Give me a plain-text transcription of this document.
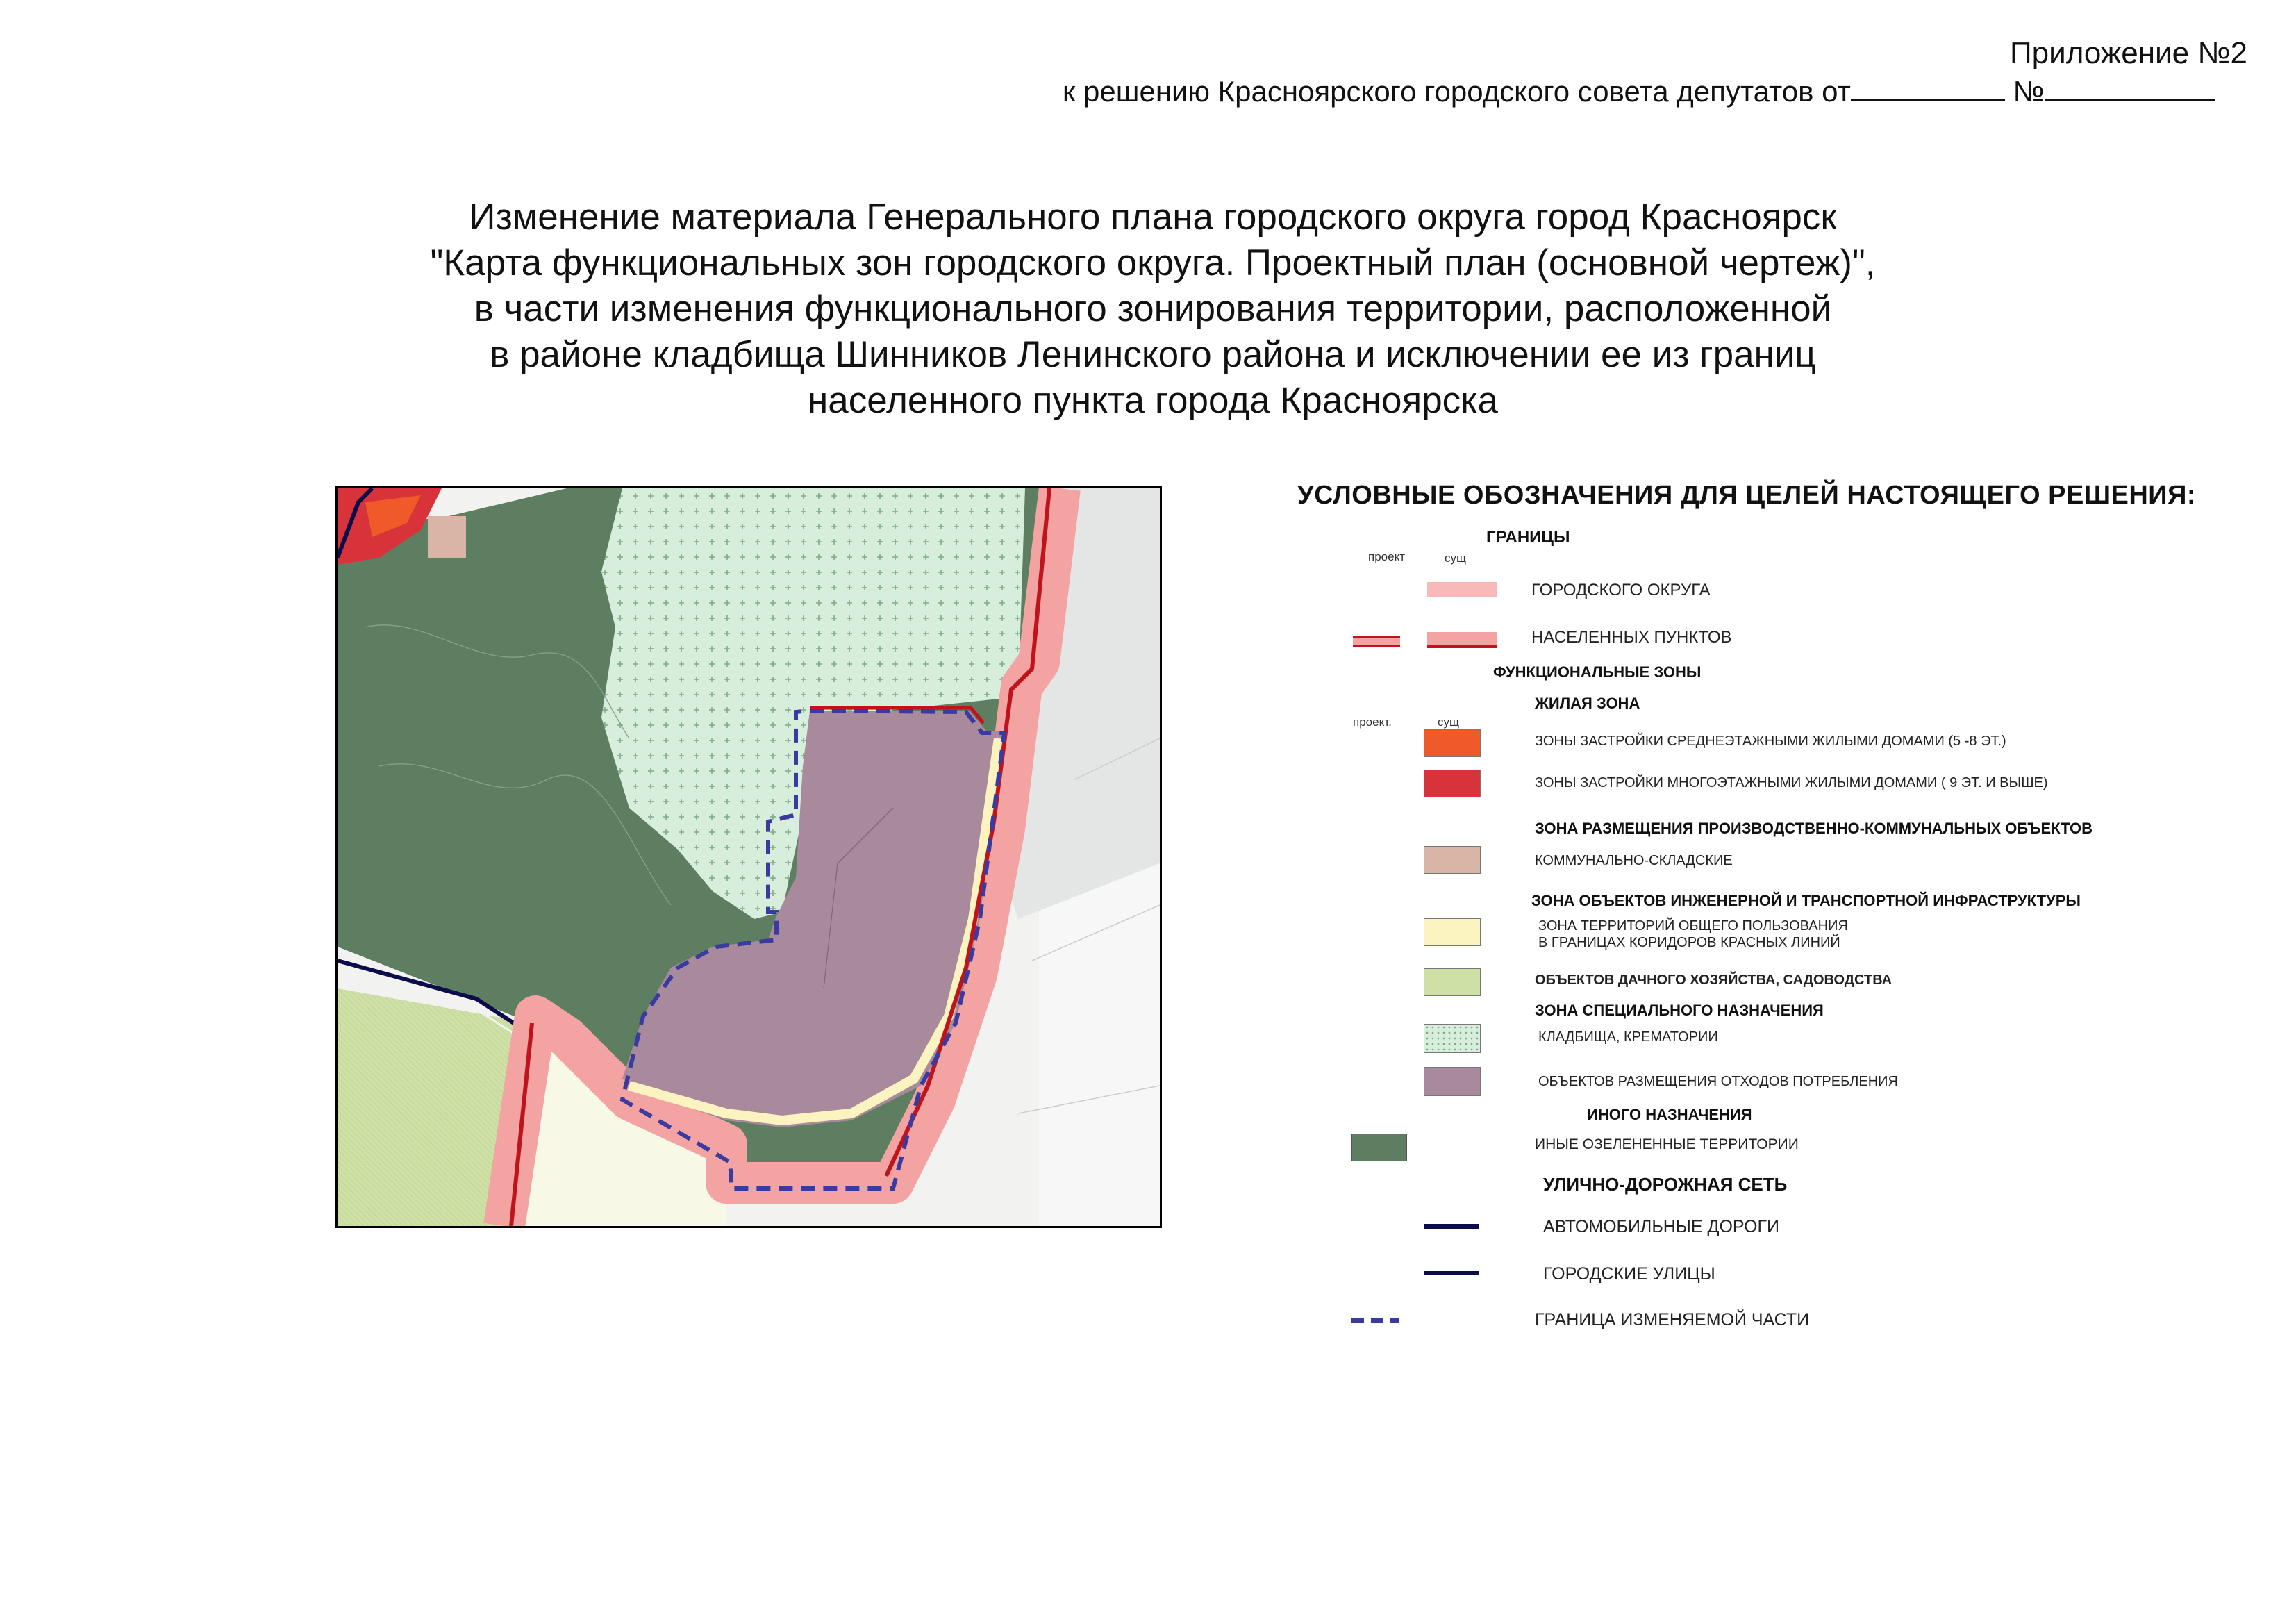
Приложение №2
к решению Красноярского городского совета депутатов от	№
Изменение материала Генерального плана городского округа город Красноярск
"Карта функциональных зон городского округа. Проектный план (основной чертеж)",
в части изменения функционального зонирования территории, расположенной
в районе кладбища Шинников Ленинского района и исключении ее из границ
населенного пункта города Красноярска
УСЛОВНЫЕ ОБОЗНАЧЕНИЯ ДЛЯ ЦЕЛЕЙ НАСТОЯЩЕГО РЕШЕНИЯ:
ГРАНИЦЫ
проект	сущ
ГОРОДСКОГО ОКРУГА
НАСЕЛЕННЫХ ПУНКТОВ
ФУНКЦИОНАЛЬНЫЕ ЗОНЫ
ЖИЛАЯ ЗОНА
проект.	сущ
ЗОНЫ ЗАСТРОЙКИ СРЕДНЕЭТАЖНЫМИ ЖИЛЫМИ ДОМАМИ (5 -8 ЭТ.)
ЗОНЫ ЗАСТРОЙКИ МНОГОЭТАЖНЫМИ ЖИЛЫМИ ДОМАМИ ( 9 ЭТ. И ВЫШЕ)
ЗОНА РАЗМЕЩЕНИЯ ПРОИЗВОДСТВЕННО-КОММУНАЛЬНЫХ ОБЪЕКТОВ
КОММУНАЛЬНО-СКЛАДСКИЕ
ЗОНА ОБЪЕКТОВ ИНЖЕНЕРНОЙ И ТРАНСПОРТНОЙ ИНФРАСТРУКТУРЫ
ЗОНА ТЕРРИТОРИЙ ОБЩЕГО ПОЛЬЗОВАНИЯ
В ГРАНИЦАХ КОРИДОРОВ КРАСНЫХ ЛИНИЙ
ОБЪЕКТОВ ДАЧНОГО ХОЗЯЙСТВА, САДОВОДСТВА
ЗОНА СПЕЦИАЛЬНОГО НАЗНАЧЕНИЯ
КЛАДБИЩА, КРЕМАТОРИИ
ОБЪЕКТОВ РАЗМЕЩЕНИЯ ОТХОДОВ ПОТРЕБЛЕНИЯ
ИНОГО НАЗНАЧЕНИЯ
ИНЫЕ ОЗЕЛЕНЕННЫЕ ТЕРРИТОРИИ
УЛИЧНО-ДОРОЖНАЯ СЕТЬ
АВТОМОБИЛЬНЫЕ ДОРОГИ
ГОРОДСКИЕ УЛИЦЫ
ГРАНИЦА ИЗМЕНЯЕМОЙ ЧАСТИ
